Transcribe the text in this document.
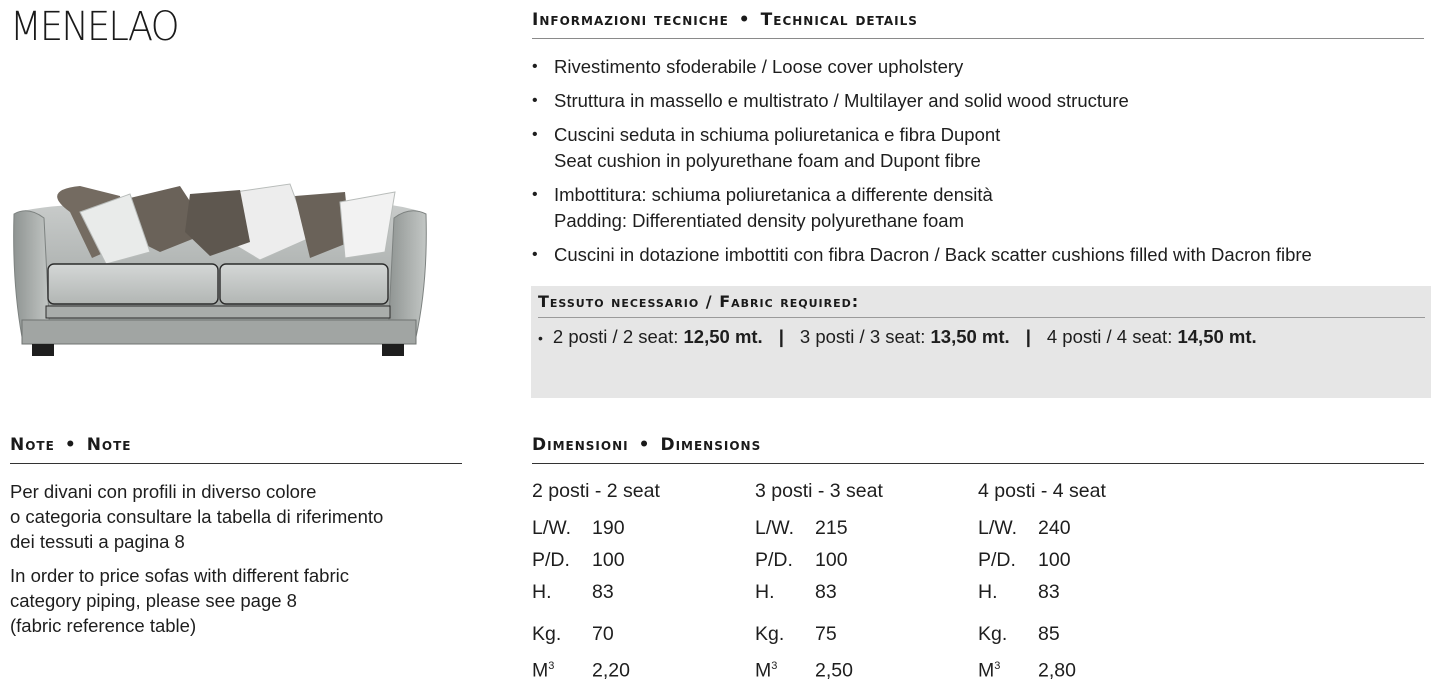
MENELAO	Informazioni tecniche • Technical details
• Rivestimento sfoderabile / Loose cover upholstery
• Struttura in massello e multistrato / Multilayer and solid wood structure
• Cuscini seduta in schiuma poliuretanica e fibra Dupont
Seat cushion in polyurethane foam and Dupont fibre
• Imbottitura: schiuma poliuretanica a differente densità
Padding: Differentiated density polyurethane foam
• Cuscini in dotazione imbottiti con fibra Dacron / Back scatter cushions filled with Dacron fibre
Tessuto necessario / Fabric required:
• 2 posti / 2 seat: 12,50 mt. | 3 posti / 3 seat: 13,50 mt. | 4 posti / 4 seat: 14,50 mt.
Note • Note

Per divani con profili in diverso colore
o categoria consultare la tabella di riferimento
dei tessuti a pagina 8

In order to price sofas with different fabric
category piping, please see page 8
(fabric reference table)

Dimensioni • Dimensions
2 posti - 2 seat
L/W. 190
P/D. 100
H. 83
Kg. 70
$M^3$ 2,20
3 posti - 3 seat
L/W. 215
P/D. 100
H. 83
Kg. 75
$M^3$ 2,50
4 posti - 4 seat
L/W. 240
P/D. 100
H. 83
Kg. 85
$M^3$ 2,80
